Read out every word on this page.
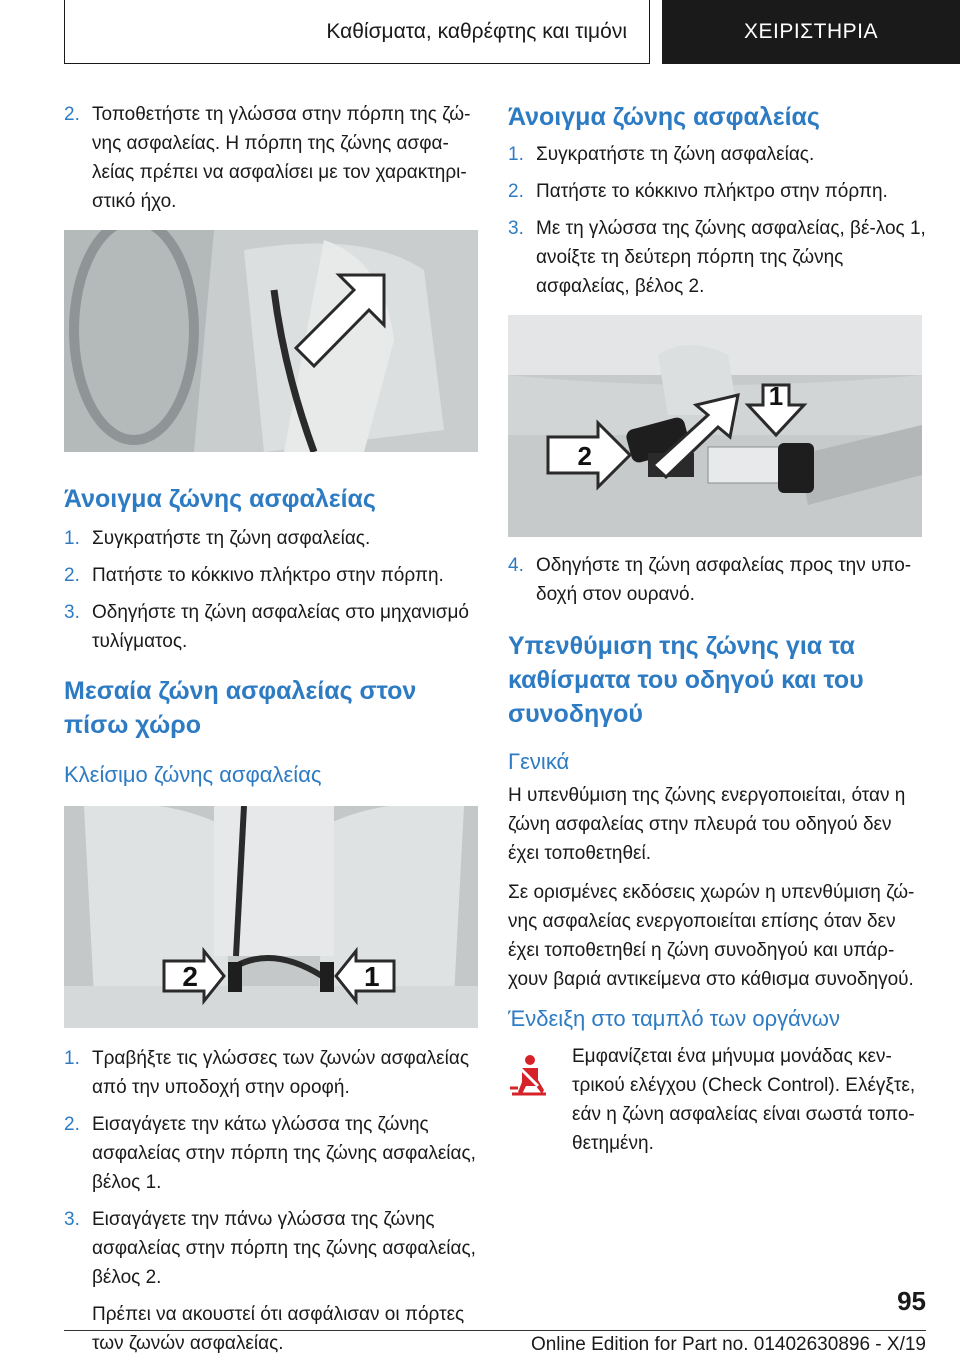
Καθίσματα, καθρέφτης και τιμόνι	ΧΕΙΡΙΣΤΗΡΙΑ
2. Τοποθετήστε τη γλώσσα στην πόρπη της ζώ-νης ασφαλείας. Η πόρπη της ζώνης ασφα-λείας πρέπει να ασφαλίσει με τον χαρακτηρι-στικό ήχο.
Άνοιγμα ζώνης ασφαλείας
1. Συγκρατήστε τη ζώνη ασφαλείας.
2. Πατήστε το κόκκινο πλήκτρο στην πόρπη.
3. Οδηγήστε τη ζώνη ασφαλείας στο μηχανισμό τυλίγματος.
Μεσαία ζώνη ασφαλείας στον πίσω χώρο
Κλείσιμο ζώνης ασφαλείας
2	1
1. Τραβήξτε τις γλώσσες των ζωνών ασφαλείας από την υποδοχή στην οροφή.
2. Εισαγάγετε την κάτω γλώσσα της ζώνης ασφαλείας στην πόρπη της ζώνης ασφαλείας, βέλος 1.
3. Εισαγάγετε την πάνω γλώσσα της ζώνης ασφαλείας στην πόρπη της ζώνης ασφαλείας, βέλος 2.
Πρέπει να ακουστεί ότι ασφάλισαν οι πόρτες των ζωνών ασφαλείας.
Άνοιγμα ζώνης ασφαλείας
1. Συγκρατήστε τη ζώνη ασφαλείας.
2. Πατήστε το κόκκινο πλήκτρο στην πόρπη.
3. Με τη γλώσσα της ζώνης ασφαλείας, βέ-λος 1, ανοίξτε τη δεύτερη πόρπη της ζώνης ασφαλείας, βέλος 2.
2
1
4. Οδηγήστε τη ζώνη ασφαλείας προς την υπο-δοχή στον ουρανό.
Υπενθύμιση της ζώνης για τα καθίσματα του οδηγού και του συνοδηγού
Γενικά

Η υπενθύμιση της ζώνης ενεργοποιείται, όταν η ζώνη ασφαλείας στην πλευρά του οδηγού δεν έχει τοποθετηθεί.

Σε ορισμένες εκδόσεις χωρών η υπενθύμιση ζώ-νης ασφαλείας ενεργοποιείται επίσης όταν δεν έχει τοποθετηθεί η ζώνη συνοδηγού και υπάρ-χουν βαριά αντικείμενα στο κάθισμα συνοδηγού.

Ένδειξη στο ταμπλό των οργάνων

Εμφανίζεται ένα μήνυμα μονάδας κεν-τρικού ελέγχου (Check Control). Ελέγξτε, εάν η ζώνη ασφαλείας είναι σωστά τοπο-θετημένη.

95
Online Edition for Part no. 01402630896 - X/19
